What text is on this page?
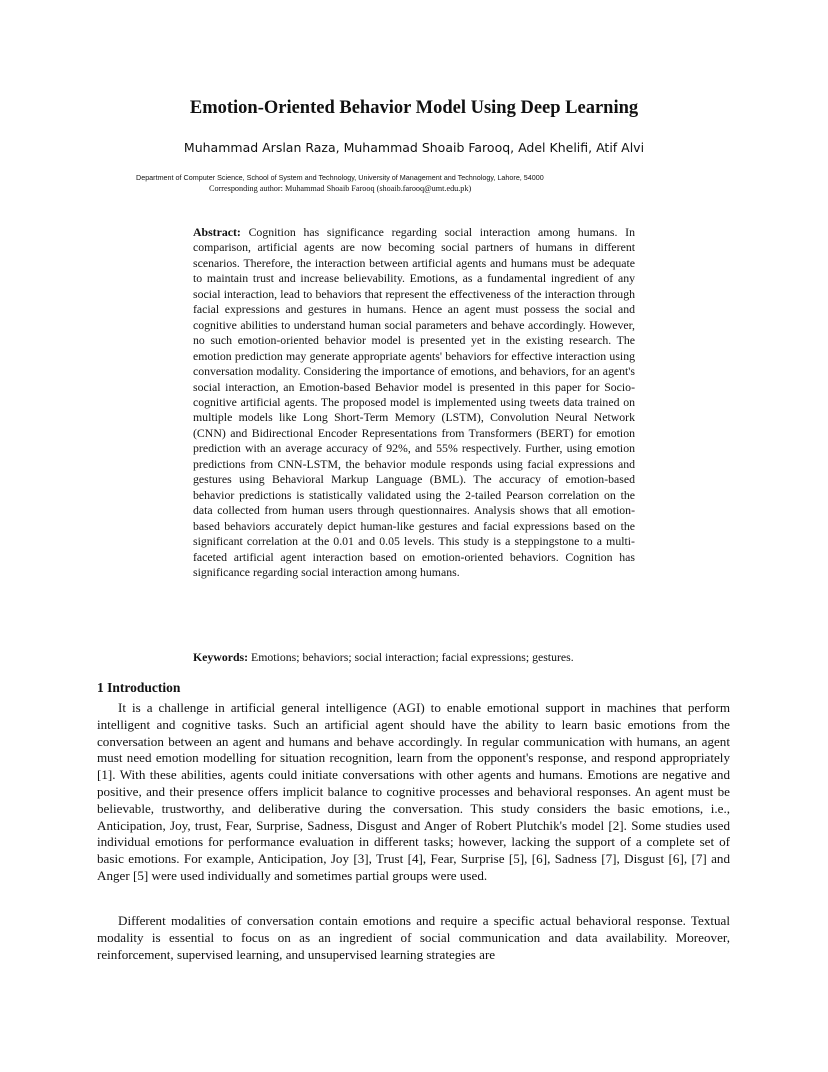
Emotion-Oriented Behavior Model Using Deep Learning

Muhammad Arslan Raza, Muhammad Shoaib Farooq, Adel Khelifi, Atif Alvi

Department of Computer Science, School of System and Technology, University of Management and Technology, Lahore, 54000

Corresponding author: Muhammad Shoaib Farooq (shoaib.farooq@umt.edu.pk)

Abstract: Cognition has significance regarding social interaction among humans. In comparison, artificial agents are now becoming social partners of humans in different scenarios. Therefore, the interaction between artificial agents and humans must be adequate to maintain trust and increase believability. Emotions, as a fundamental ingredient of any social interaction, lead to behaviors that represent the effectiveness of the interaction through facial expressions and gestures in humans. Hence an agent must possess the social and cognitive abilities to understand human social parameters and behave accordingly. However, no such emotion-oriented behavior model is presented yet in the existing research. The emotion prediction may generate appropriate agents' behaviors for effective interaction using conversation modality. Considering the importance of emotions, and behaviors, for an agent's social interaction, an Emotion-based Behavior model is presented in this paper for Socio-cognitive artificial agents. The proposed model is implemented using tweets data trained on multiple models like Long Short-Term Memory (LSTM), Convolution Neural Network (CNN) and Bidirectional Encoder Representations from Transformers (BERT) for emotion prediction with an average accuracy of 92%, and 55% respectively. Further, using emotion predictions from CNN-LSTM, the behavior module responds using facial expressions and gestures using Behavioral Markup Language (BML). The accuracy of emotion-based behavior predictions is statistically validated using the 2-tailed Pearson correlation on the data collected from human users through questionnaires. Analysis shows that all emotion-based behaviors accurately depict human-like gestures and facial expressions based on the significant correlation at the 0.01 and 0.05 levels. This study is a steppingstone to a multi-faceted artificial agent interaction based on emotion-oriented behaviors. Cognition has significance regarding social interaction among humans.

Keywords: Emotions; behaviors; social interaction; facial expressions; gestures.

1 Introduction

It is a challenge in artificial general intelligence (AGI) to enable emotional support in machines that perform intelligent and cognitive tasks. Such an artificial agent should have the ability to learn basic emotions from the conversation between an agent and humans and behave accordingly. In regular communication with humans, an agent must need emotion modelling for situation recognition, learn from the opponent's response, and respond appropriately [1]. With these abilities, agents could initiate conversations with other agents and humans. Emotions are negative and positive, and their presence offers implicit balance to cognitive processes and behavioral responses. An agent must be believable, trustworthy, and deliberative during the conversation. This study considers the basic emotions, i.e., Anticipation, Joy, trust, Fear, Surprise, Sadness, Disgust and Anger of Robert Plutchik's model [2]. Some studies used individual emotions for performance evaluation in different tasks; however, lacking the support of a complete set of basic emotions. For example, Anticipation, Joy [3], Trust [4], Fear, Surprise [5], [6], Sadness [7], Disgust [6], [7] and Anger [5] were used individually and sometimes partial groups were used.

Different modalities of conversation contain emotions and require a specific actual behavioral response. Textual modality is essential to focus on as an ingredient of social communication and data availability. Moreover, reinforcement, supervised learning, and unsupervised learning strategies are
